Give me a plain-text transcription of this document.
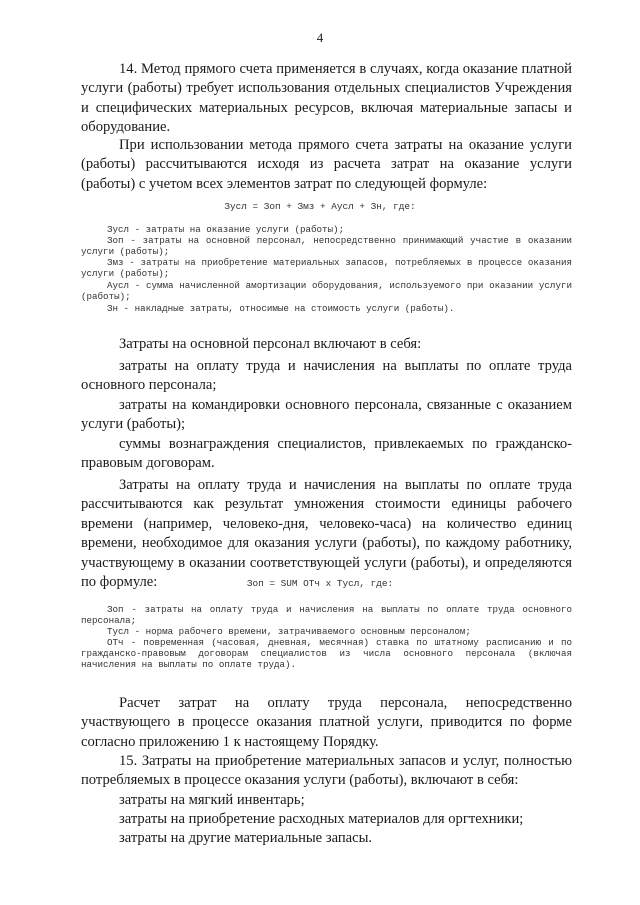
4

14. Метод прямого счета применяется в случаях, когда оказание платной услуги (работы) требует использования отдельных специалистов Учреждения и специфических материальных ресурсов, включая материальные запасы и оборудование.

При использовании метода прямого счета затраты на оказание услуги (работы) рассчитываются исходя из расчета затрат на оказание услуги (работы) с учетом всех элементов затрат по следующей формуле:

Зусл = Зоп + Змз + Аусл + Зн, где:

Зусл - затраты на оказание услуги (работы);

Зоп - затраты на основной персонал, непосредственно принимающий участие в оказании услуги (работы);

Змз - затраты на приобретение материальных запасов, потребляемых в процессе оказания услуги (работы);

Аусл - сумма начисленной амортизации оборудования, используемого при оказании услуги (работы);

Зн - накладные затраты, относимые на стоимость услуги (работы).

Затраты на основной персонал включают в себя:

затраты на оплату труда и начисления на выплаты по оплате труда основного персонала;

затраты на командировки основного персонала, связанные с оказанием услуги (работы);

суммы вознаграждения специалистов, привлекаемых по гражданско-правовым договорам.

Затраты на оплату труда и начисления на выплаты по оплате труда рассчитываются как результат умножения стоимости единицы рабочего времени (например, человеко-дня, человеко-часа) на количество единиц времени, необходимое для оказания услуги (работы), по каждому работнику, участвующему в оказании соответствующей услуги (работы), и определяются по формуле:	Зоп = SUM ОТч x Тусл, где:

Зоп - затраты на оплату труда и начисления на выплаты по оплате труда основного персонала;

Тусл - норма рабочего времени, затрачиваемого основным персоналом;

ОТч - повременная (часовая, дневная, месячная) ставка по штатному расписанию и по гражданско-правовым договорам специалистов из числа основного персонала (включая начисления на выплаты по оплате труда).

Расчет затрат на оплату труда персонала, непосредственно участвующего в процессе оказания платной услуги, приводится по форме согласно приложению 1 к настоящему Порядку.

15. Затраты на приобретение материальных запасов и услуг, полностью потребляемых в процессе оказания услуги (работы), включают в себя:

затраты на мягкий инвентарь;

затраты на приобретение расходных материалов для оргтехники;

затраты на другие материальные запасы.
